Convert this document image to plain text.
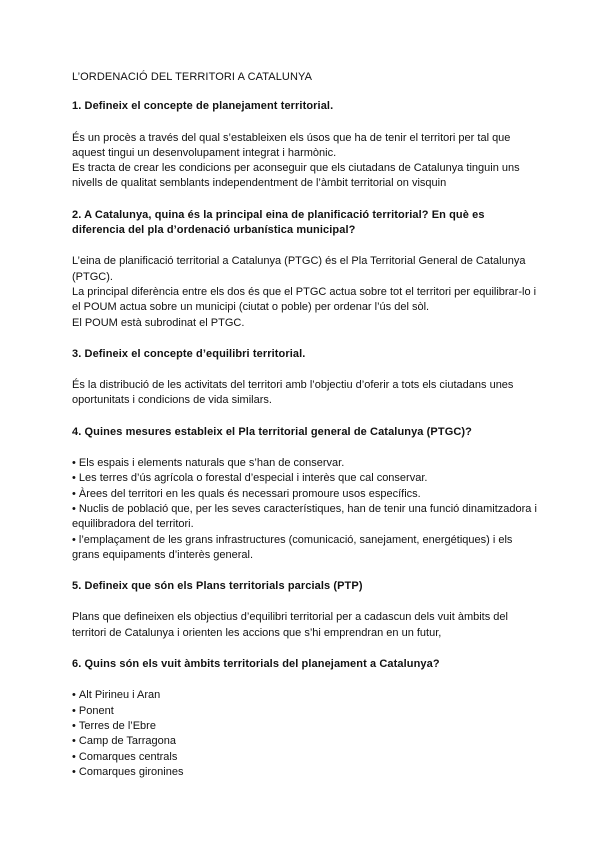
L’ORDENACIÓ DEL TERRITORI A CATALUNYA
1. Defineix el concepte de planejament territorial.

És un procès a través del qual s’estableixen els úsos que ha de tenir el territori per tal que aquest tingui un desenvolupament integrat i harmònic.

Es tracta de crear les condicions per aconseguir que els ciutadans de Catalunya tinguin uns nivells de qualitat semblants independentment de l’àmbit territorial on visquin

2. A Catalunya, quina és la principal eina de planificació territorial? En què es diferencia del pla d’ordenació urbanística municipal?

L’eina de planificació territorial a Catalunya (PTGC) és el Pla Territorial General de Catalunya (PTGC).

La principal diferència entre els dos és que el PTGC actua sobre tot el territori per equilibrar-lo i el POUM actua sobre un municipi (ciutat o poble) per ordenar l’ús del sòl.

El POUM està subrodinat el PTGC.

3. Defineix el concepte d’equilibri territorial.

És la distribució de les activitats del territori amb l’objectiu d’oferir a tots els ciutadans unes oportunitats i condicions de vida similars.

4. Quines mesures estableix el Pla territorial general de Catalunya (PTGC)?
• Els espais i elements naturals que s’han de conservar.
• Les terres d’ús agrícola o forestal d’especial i interès que cal conservar.
• Àrees del territori en les quals és necessari promoure usos específics.
• Nuclis de població que, per les seves característiques, han de tenir una funció dinamitzadora i equilibradora del territori.
• l’emplaçament de les grans infrastructures (comunicació, sanejament, energétiques) i els grans equipaments d’interès general.
5. Defineix que són els Plans territorials parcials (PTP)

Plans que defineixen els objectius d’equilibri territorial per a cadascun dels vuit àmbits del territori de Catalunya i orienten les accions que s’hi emprendran en un futur,

6. Quins són els vuit àmbits territorials del planejament a Catalunya?
• Alt Pirineu i Aran
• Ponent
• Terres de l’Ebre
• Camp de Tarragona
• Comarques centrals
• Comarques gironines
